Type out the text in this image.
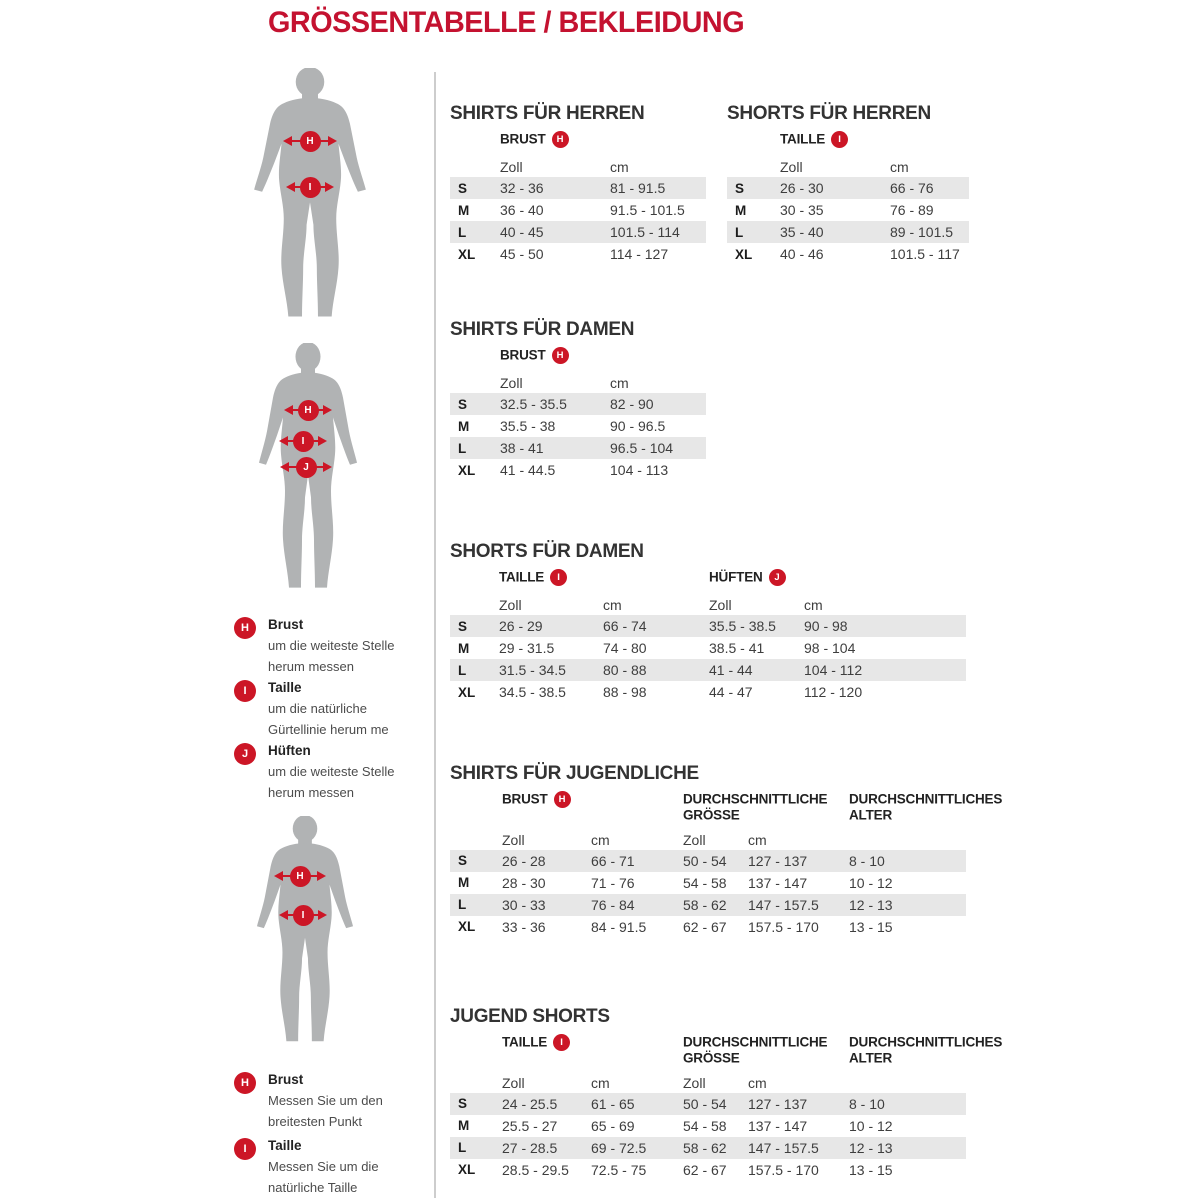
GRÖSSENTABELLE / BEKLEIDUNG
H
I
H
I
J
H
I
H	Brust
um die weiteste Stelle
herum messen
I	Taille
um die natürliche
Gürtellinie herum me
J	Hüften
um die weiteste Stelle
herum messen
H	Brust
Messen Sie um den
breitesten Punkt
I	Taille
Messen Sie um die
natürliche Taille
SHIRTS FÜR HERREN
BRUST H
Zoll	cm
S	32 - 36	81 - 91.5
M	36 - 40	91.5 - 101.5
L	40 - 45	101.5 - 114
XL	45 - 50	114 - 127
SHORTS FÜR HERREN
TAILLE I
Zoll	cm
S	26 - 30	66 - 76
M	30 - 35	76 - 89
L	35 - 40	89 - 101.5
XL	40 - 46	101.5 - 117
SHIRTS FÜR DAMEN
BRUST H
Zoll	cm
S	32.5 - 35.5	82 - 90
M	35.5 - 38	90 - 96.5
L	38 - 41	96.5 - 104
XL	41 - 44.5	104 - 113
SHORTS FÜR DAMEN
TAILLE I	HÜFTEN J
Zoll	cm	Zoll	cm
S	26 - 29	66 - 74	35.5 - 38.5	90 - 98
M	29 - 31.5	74 - 80	38.5 - 41	98 - 104
L	31.5 - 34.5	80 - 88	41 - 44	104 - 112
XL	34.5 - 38.5	88 - 98	44 - 47	112 - 120
SHIRTS FÜR JUGENDLICHE
BRUST H	DURCHSCHNITTLICHE GRÖSSE
DURCHSCHNITTLICHES ALTER
Zoll	cm	Zoll	cm
S	26 - 28	66 - 71	50 - 54	127 - 137	8 - 10
M	28 - 30	71 - 76	54 - 58	137 - 147	10 - 12
L	30 - 33	76 - 84	58 - 62	147 - 157.5	12 - 13
XL	33 - 36	84 - 91.5	62 - 67	157.5 - 170	13 - 15
JUGEND SHORTS
TAILLE I	DURCHSCHNITTLICHE GRÖSSE
DURCHSCHNITTLICHES ALTER
Zoll	cm	Zoll	cm
S	24 - 25.5	61 - 65	50 - 54	127 - 137	8 - 10
M	25.5 - 27	65 - 69	54 - 58	137 - 147	10 - 12
L	27 - 28.5	69 - 72.5	58 - 62	147 - 157.5	12 - 13
XL	28.5 - 29.5	72.5 - 75	62 - 67	157.5 - 170	13 - 15
